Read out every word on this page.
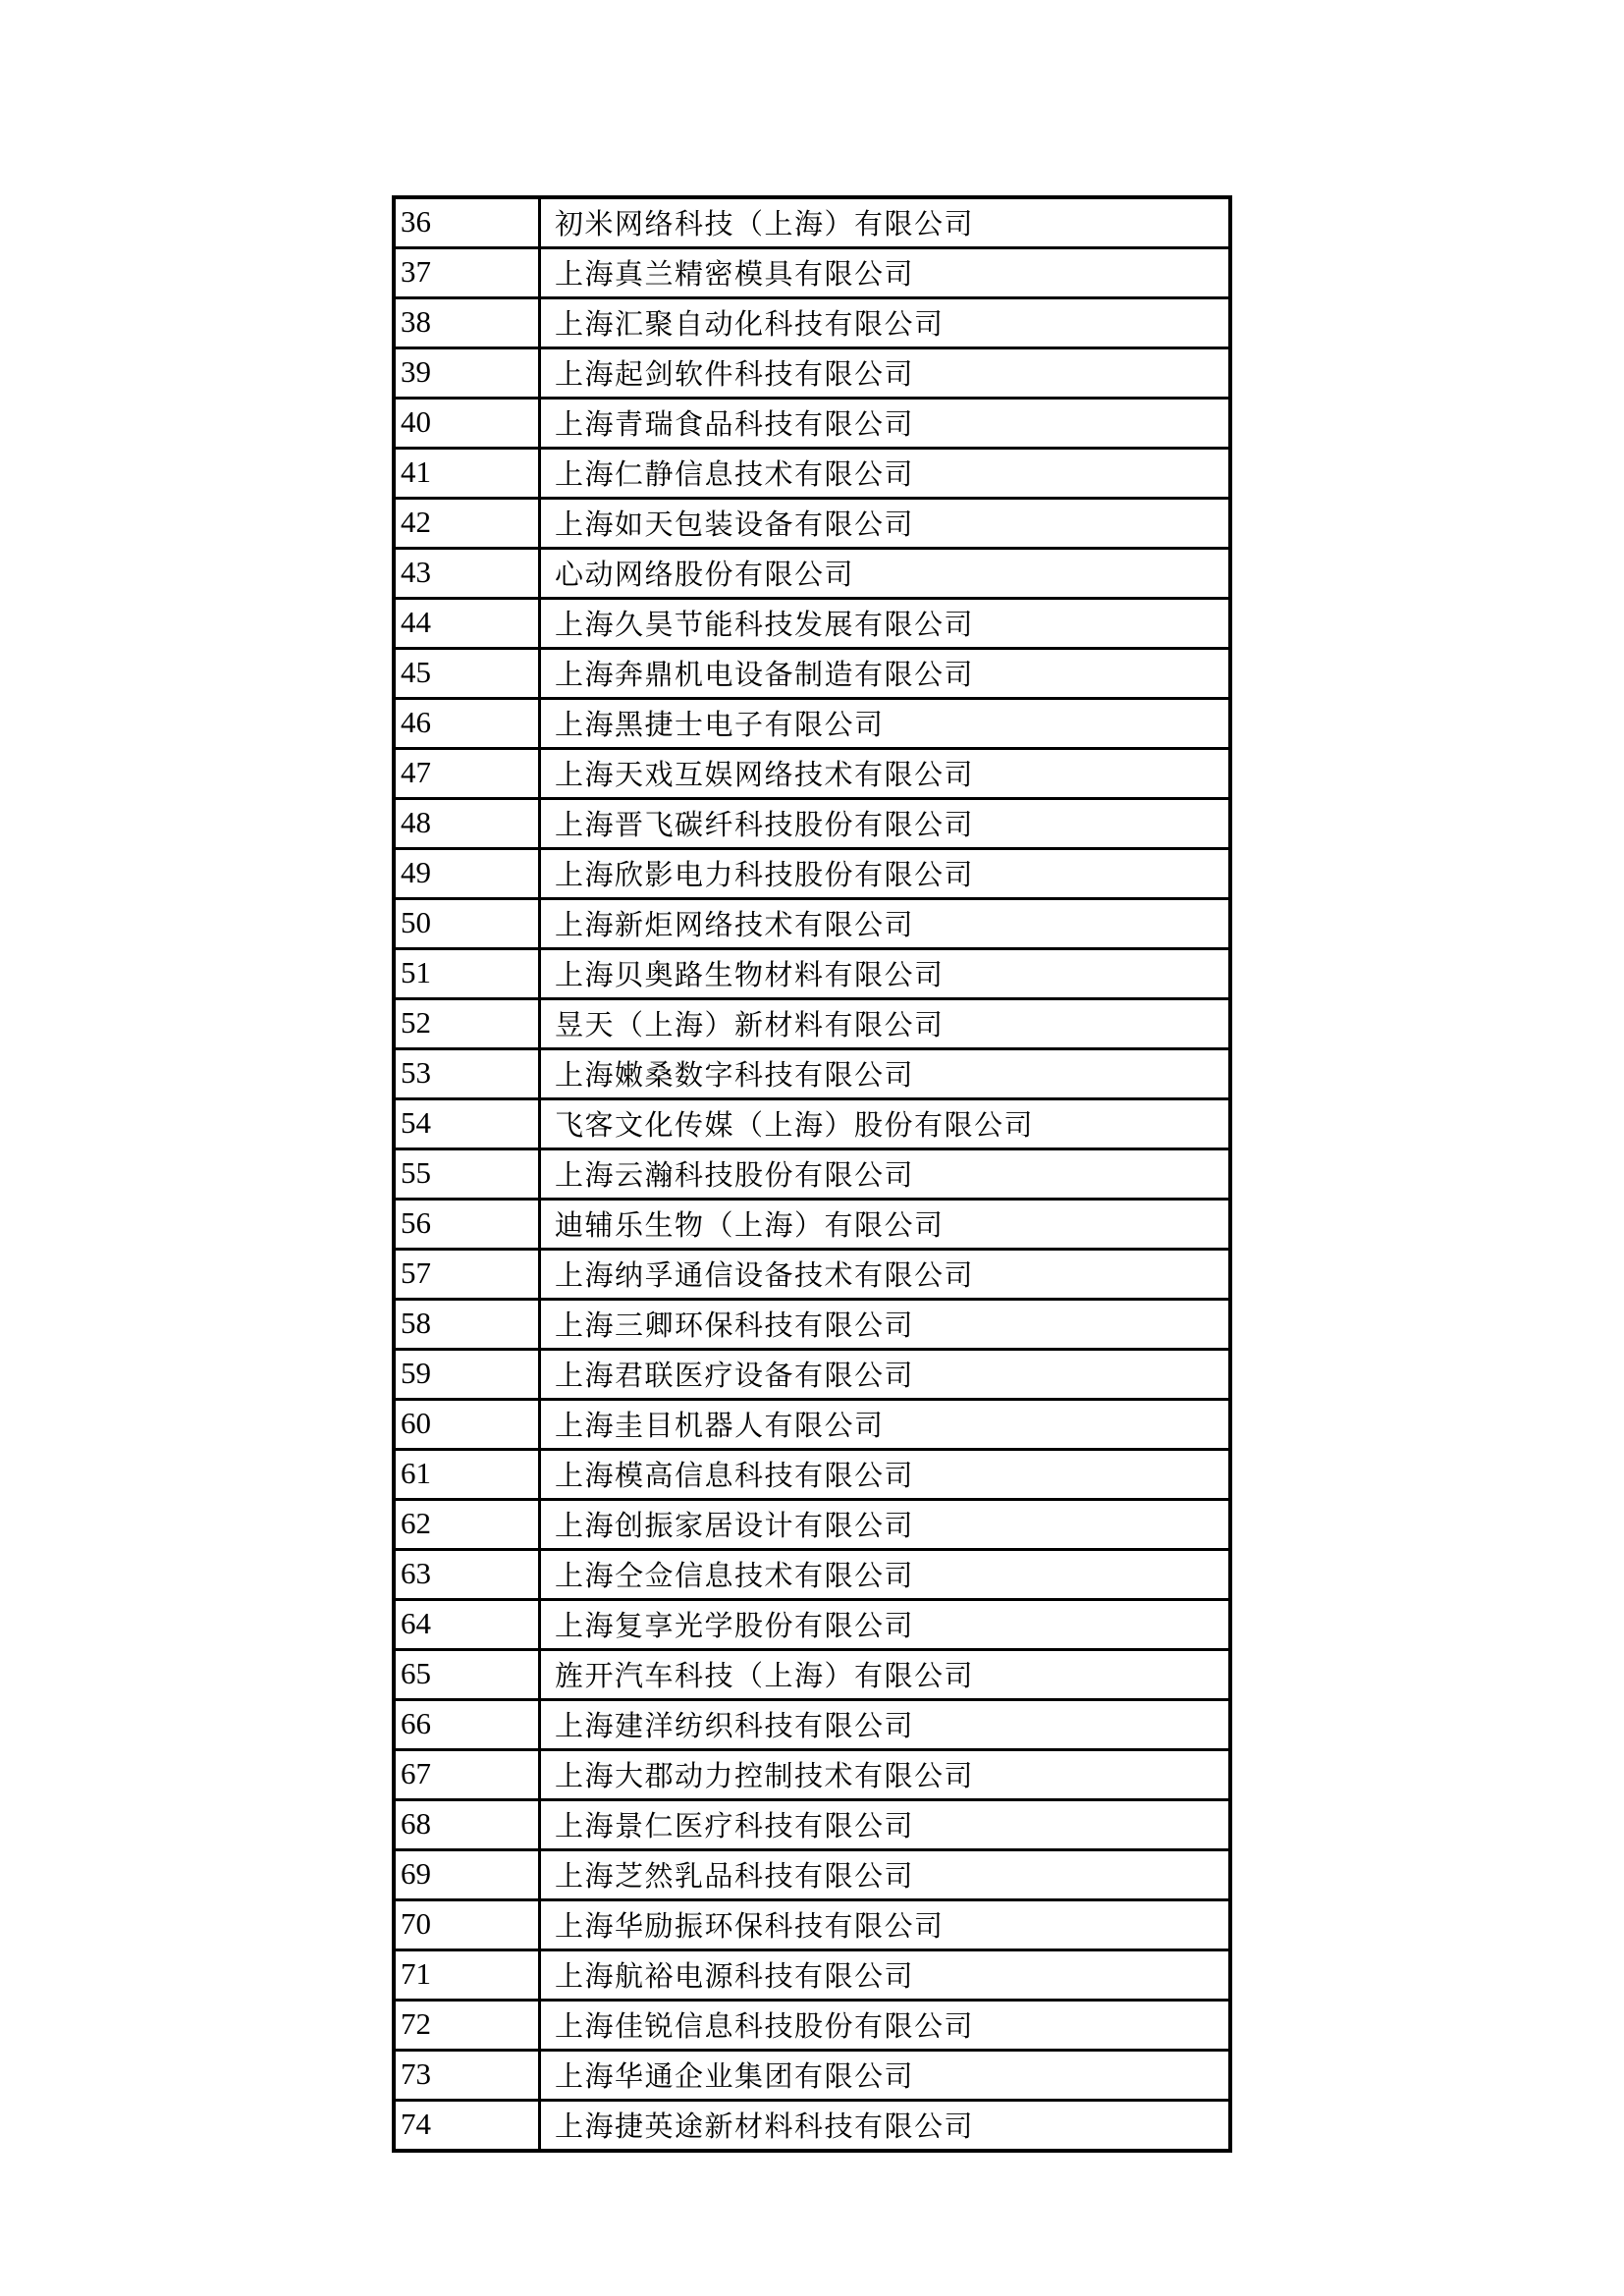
36	初米网络科技（上海）有限公司
37	上海真兰精密模具有限公司
38	上海汇聚自动化科技有限公司
39	上海起剑软件科技有限公司
40	上海青瑞食品科技有限公司
41	上海仁静信息技术有限公司
42	上海如天包装设备有限公司
43	心动网络股份有限公司
44	上海久昊节能科技发展有限公司
45	上海奔鼎机电设备制造有限公司
46	上海黑捷士电子有限公司
47	上海天戏互娱网络技术有限公司
48	上海晋飞碳纤科技股份有限公司
49	上海欣影电力科技股份有限公司
50	上海新炬网络技术有限公司
51	上海贝奥路生物材料有限公司
52	昱天（上海）新材料有限公司
53	上海嫩桑数字科技有限公司
54	飞客文化传媒（上海）股份有限公司
55	上海云瀚科技股份有限公司
56	迪辅乐生物（上海）有限公司
57	上海纳孚通信设备技术有限公司
58	上海三卿环保科技有限公司
59	上海君联医疗设备有限公司
60	上海圭目机器人有限公司
61	上海模高信息科技有限公司
62	上海创振家居设计有限公司
63	上海仝佥信息技术有限公司
64	上海复享光学股份有限公司
65	旌开汽车科技（上海）有限公司
66	上海建洋纺织科技有限公司
67	上海大郡动力控制技术有限公司
68	上海景仁医疗科技有限公司
69	上海芝然乳品科技有限公司
70	上海华励振环保科技有限公司
71	上海航裕电源科技有限公司
72	上海佳锐信息科技股份有限公司
73	上海华通企业集团有限公司
74	上海捷英途新材料科技有限公司
